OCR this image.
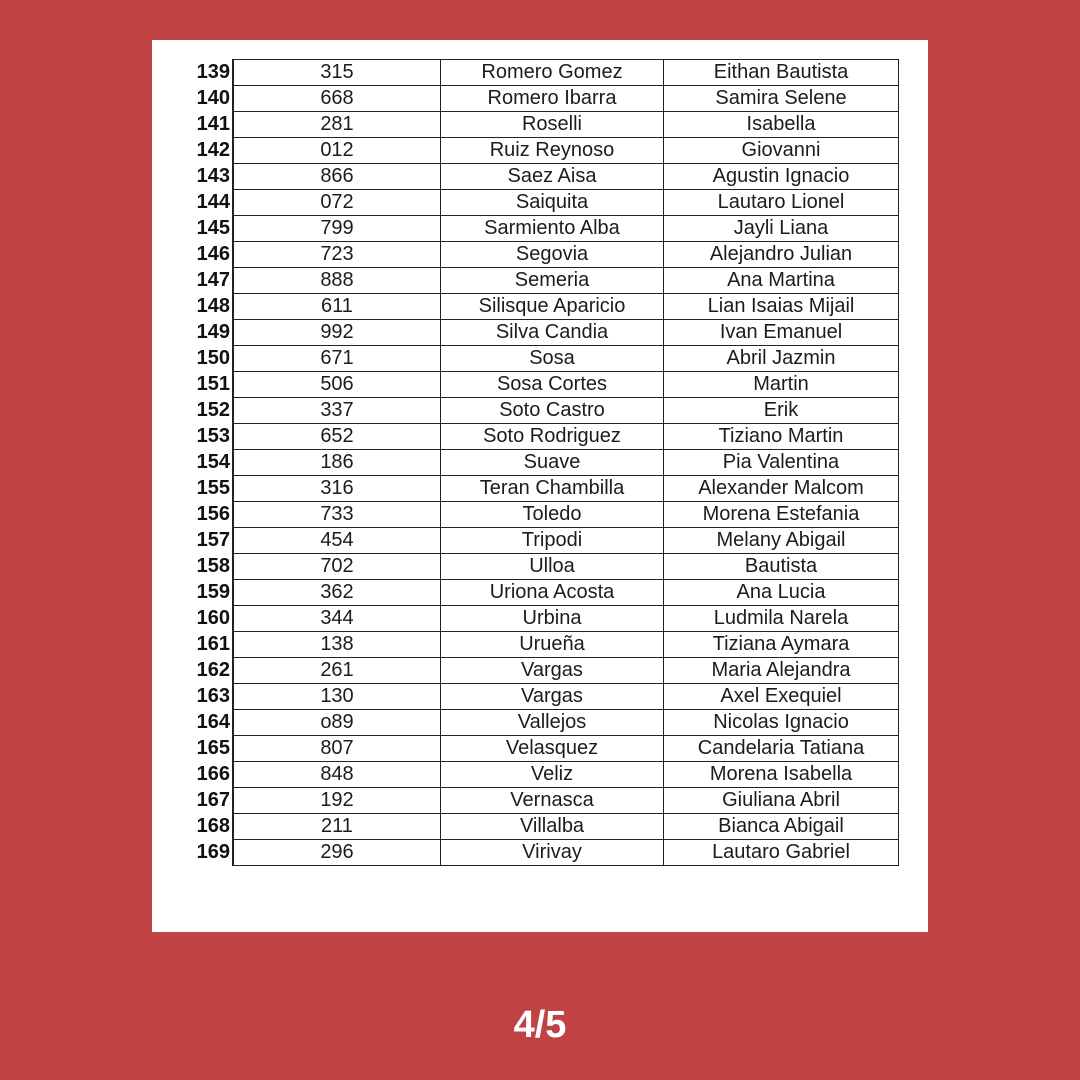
139	315	Romero Gomez	Eithan Bautista
140	668	Romero Ibarra	Samira Selene
141	281	Roselli	Isabella
142	012	Ruiz Reynoso	Giovanni
143	866	Saez Aisa	Agustin Ignacio
144	072	Saiquita	Lautaro Lionel
145	799	Sarmiento Alba	Jayli Liana
146	723	Segovia	Alejandro Julian
147	888	Semeria	Ana Martina
148	611	Silisque Aparicio	Lian Isaias Mijail
149	992	Silva Candia	Ivan Emanuel
150	671	Sosa	Abril Jazmin
151	506	Sosa Cortes	Martin
152	337	Soto Castro	Erik
153	652	Soto Rodriguez	Tiziano Martin
154	186	Suave	Pia Valentina
155	316	Teran Chambilla	Alexander Malcom
156	733	Toledo	Morena Estefania
157	454	Tripodi	Melany Abigail
158	702	Ulloa	Bautista
159	362	Uriona Acosta	Ana Lucia
160	344	Urbina	Ludmila Narela
161	138	Urueña	Tiziana Aymara
162	261	Vargas	Maria Alejandra
163	130	Vargas	Axel Exequiel
164	o89	Vallejos	Nicolas Ignacio
165	807	Velasquez	Candelaria Tatiana
166	848	Veliz	Morena Isabella
167	192	Vernasca	Giuliana Abril
168	211	Villalba	Bianca Abigail
169	296	Virivay	Lautaro Gabriel
4/5
